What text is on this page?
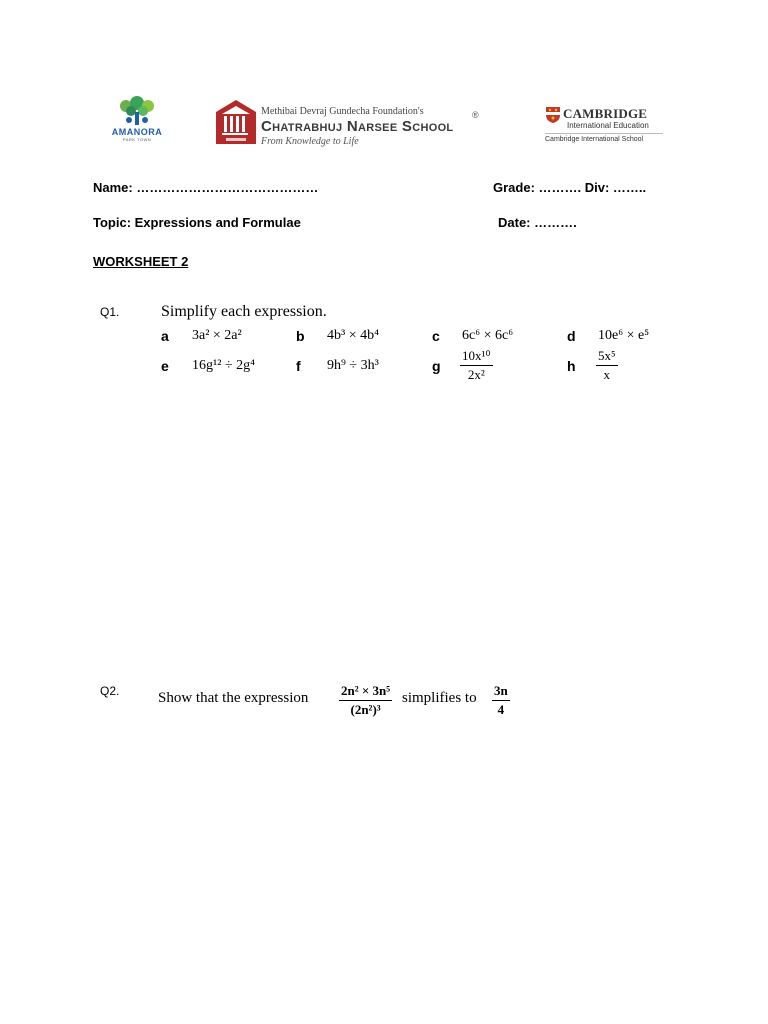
AMANORA
PARK TOWN
Methibai Devraj Gundecha Foundation's
Chatrabhuj Narsee School
From Knowledge to Life
®	CAMBRIDGE
International Education
Cambridge International School
Name: ……………………………………	Grade: ………. Div: ……..
Topic: Expressions and Formulae	Date: ……….
WORKSHEET 2
Q1.	Simplify each expression.
a 3a² × 2a²	b 4b³ × 4b⁴	c 6c⁶ × 6c⁶	d 10e⁶ × e⁵
e 16g¹² ÷ 2g⁴	f 9h⁹ ÷ 3h³	g $\frac{\text{10x¹⁰}}{\text{2x²}}$	h $\frac{\text{5x⁵}}{x}$
Q2.	Show that the expression $\frac{\text{2n² × 3n⁵}}{\text{(2n²)³}}$ simplifies to $\frac{3n}{4}$
